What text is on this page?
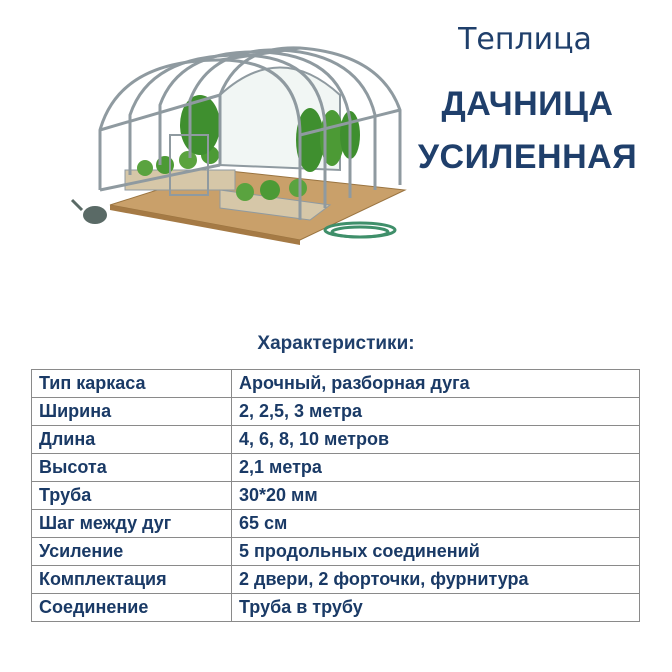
Теплица
ДАЧНИЦА
УСИЛЕННАЯ
Характеристики:
Тип каркаса	Арочный, разборная дуга
Ширина	2, 2,5, 3 метра
Длина	4, 6, 8, 10 метров
Высота	2,1 метра
Труба	30*20 мм
Шаг между дуг	65 см
Усиление	5 продольных соединений
Комплектация	2 двери, 2 форточки, фурнитура
Соединение	Труба в трубу
